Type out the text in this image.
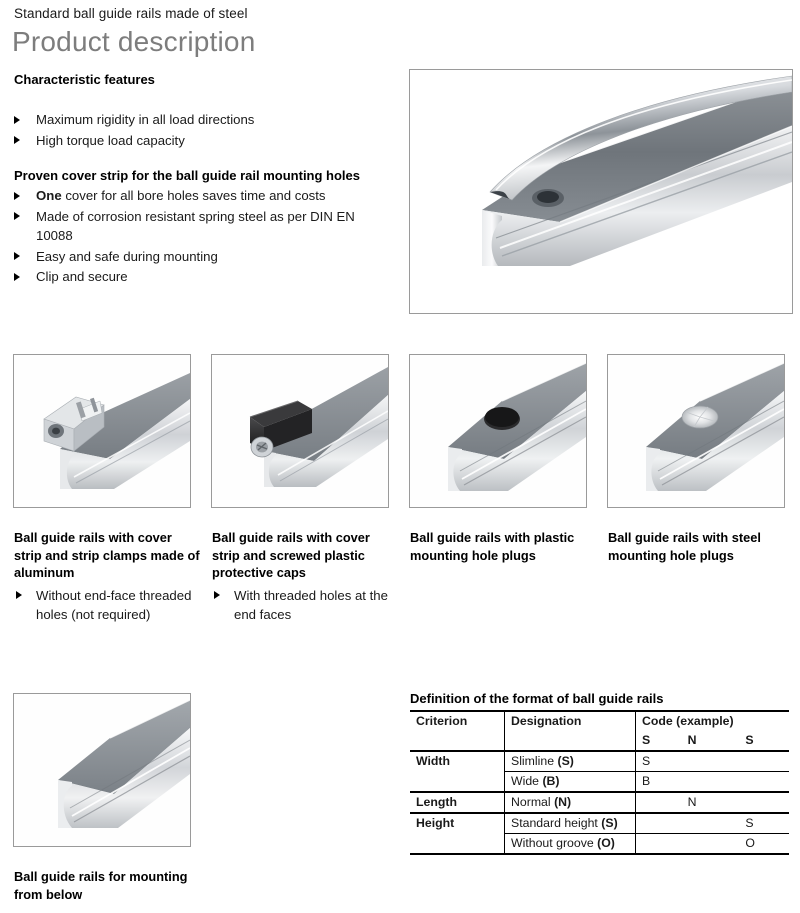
Standard ball guide rails made of steel
Product description
Characteristic features
Maximum rigidity in all load directions
High torque load capacity
Proven cover strip for the ball guide rail mounting holes
One cover for all bore holes saves time and costs
Made of corrosion resistant spring steel as per DIN EN 10088
Easy and safe during mounting
Clip and secure
Ball guide rails with cover strip and strip clamps made of aluminum
Without end-face threaded holes (not required)
Ball guide rails with cover strip and screwed plastic protective caps
With threaded holes at the end faces
Ball guide rails with plastic mounting hole plugs
Ball guide rails with steel mounting hole plugs
Ball guide rails for mounting from below
Definition of the format of ball guide rails
Criterion	Designation	Code (example)

		S N S

Width	Slimline (S)	S

	Wide (B)	B

Length	Normal (N)	N

Height	Standard height (S)	S

	Without groove (O)	O
